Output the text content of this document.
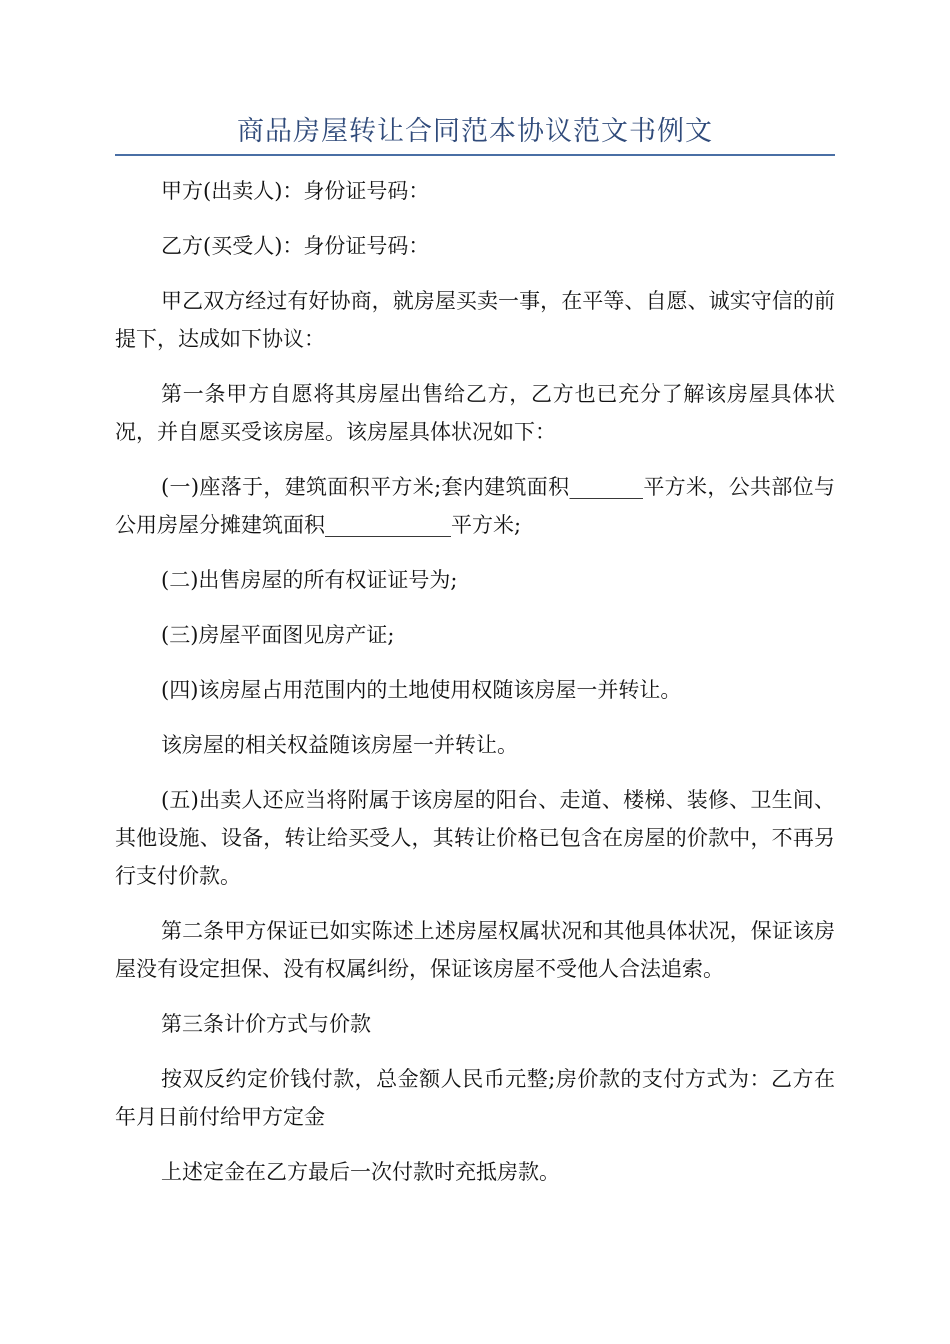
商品房屋转让合同范本协议范文书例文

甲方(出卖人)：身份证号码：

乙方(买受人)：身份证号码：

甲乙双方经过有好协商，就房屋买卖一事，在平等、自愿、诚实守信的前提下，达成如下协议：

第一条甲方自愿将其房屋出售给乙方，乙方也已充分了解该房屋具体状况，并自愿买受该房屋。该房屋具体状况如下：

(一)座落于，建筑面积平方米;套内建筑面积_______平方米，公共部位与公用房屋分摊建筑面积____________平方米;

(二)出售房屋的所有权证证号为;

(三)房屋平面图见房产证;

(四)该房屋占用范围内的土地使用权随该房屋一并转让。

该房屋的相关权益随该房屋一并转让。

(五)出卖人还应当将附属于该房屋的阳台、走道、楼梯、装修、卫生间、其他设施、设备，转让给买受人，其转让价格已包含在房屋的价款中，不再另行支付价款。

第二条甲方保证已如实陈述上述房屋权属状况和其他具体状况，保证该房屋没有设定担保、没有权属纠纷，保证该房屋不受他人合法追索。

第三条计价方式与价款

按双反约定价钱付款，总金额人民币元整;房价款的支付方式为：乙方在年月日前付给甲方定金

上述定金在乙方最后一次付款时充抵房款。
